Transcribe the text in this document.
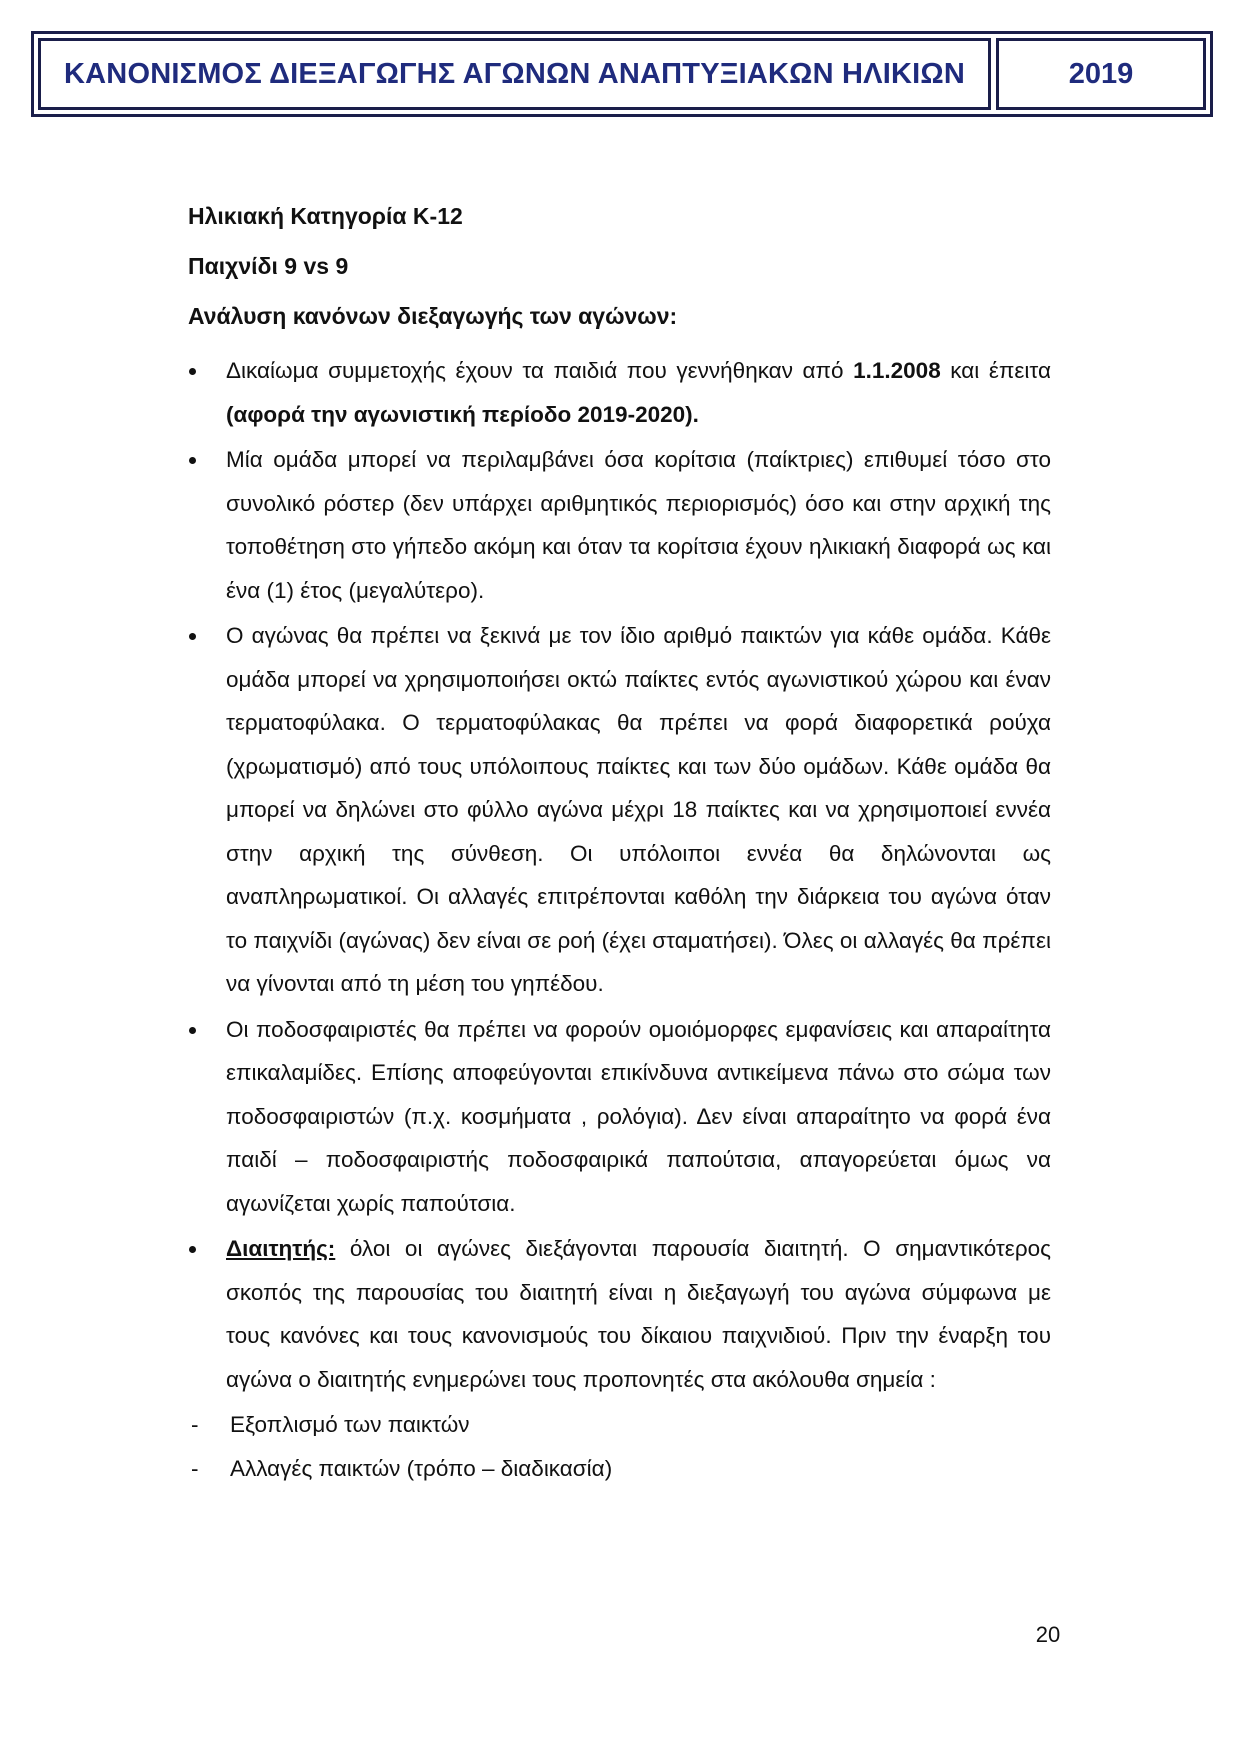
ΚΑΝΟΝΙΣΜΟΣ ΔΙΕΞΑΓΩΓΗΣ ΑΓΩΝΩΝ ΑΝΑΠΤΥΞΙΑΚΩΝ ΗΛΙΚΙΩΝ	2019
Ηλικιακή Κατηγορία Κ-12
Παιχνίδι 9 vs 9
Ανάλυση κανόνων διεξαγωγής των αγώνων:
Δικαίωμα συμμετοχής έχουν τα παιδιά που γεννήθηκαν από 1.1.2008 και έπειτα (αφορά την αγωνιστική περίοδο 2019-2020).
Μία ομάδα μπορεί να περιλαμβάνει όσα κορίτσια (παίκτριες) επιθυμεί τόσο στο συνολικό ρόστερ (δεν υπάρχει αριθμητικός περιορισμός) όσο και στην αρχική της τοποθέτηση στο γήπεδο ακόμη και όταν τα κορίτσια έχουν ηλικιακή διαφορά ως και ένα (1) έτος (μεγαλύτερο).
Ο αγώνας θα πρέπει να ξεκινά με τον ίδιο αριθμό παικτών για κάθε ομάδα. Κάθε ομάδα μπορεί να χρησιμοποιήσει οκτώ παίκτες εντός αγωνιστικού χώρου και έναν τερματοφύλακα. Ο τερματοφύλακας θα πρέπει να φορά διαφορετικά ρούχα (χρωματισμό) από τους υπόλοιπους παίκτες και των δύο ομάδων. Κάθε ομάδα θα μπορεί να δηλώνει στο φύλλο αγώνα μέχρι 18 παίκτες και να χρησιμοποιεί εννέα στην αρχική της σύνθεση. Οι υπόλοιποι εννέα θα δηλώνονται ως αναπληρωματικοί. Οι αλλαγές επιτρέπονται καθόλη την διάρκεια του αγώνα όταν το παιχνίδι (αγώνας) δεν είναι σε ροή (έχει σταματήσει). Όλες οι αλλαγές θα πρέπει να γίνονται από τη μέση του γηπέδου.
Οι ποδοσφαιριστές θα πρέπει να φορούν ομοιόμορφες εμφανίσεις και απαραίτητα επικαλαμίδες. Επίσης αποφεύγονται επικίνδυνα αντικείμενα πάνω στο σώμα των ποδοσφαιριστών (π.χ. κοσμήματα , ρολόγια). Δεν είναι απαραίτητο να φορά ένα παιδί – ποδοσφαιριστής ποδοσφαιρικά παπούτσια, απαγορεύεται όμως να αγωνίζεται χωρίς παπούτσια.
Διαιτητής: όλοι οι αγώνες διεξάγονται παρουσία διαιτητή. Ο σημαντικότερος σκοπός της παρουσίας του διαιτητή είναι η διεξαγωγή του αγώνα σύμφωνα με τους κανόνες και τους κανονισμούς του δίκαιου παιχνιδιού. Πριν την έναρξη του αγώνα ο διαιτητής ενημερώνει τους προπονητές στα ακόλουθα σημεία :
- Εξοπλισμό των παικτών
- Αλλαγές παικτών (τρόπο – διαδικασία)
20
